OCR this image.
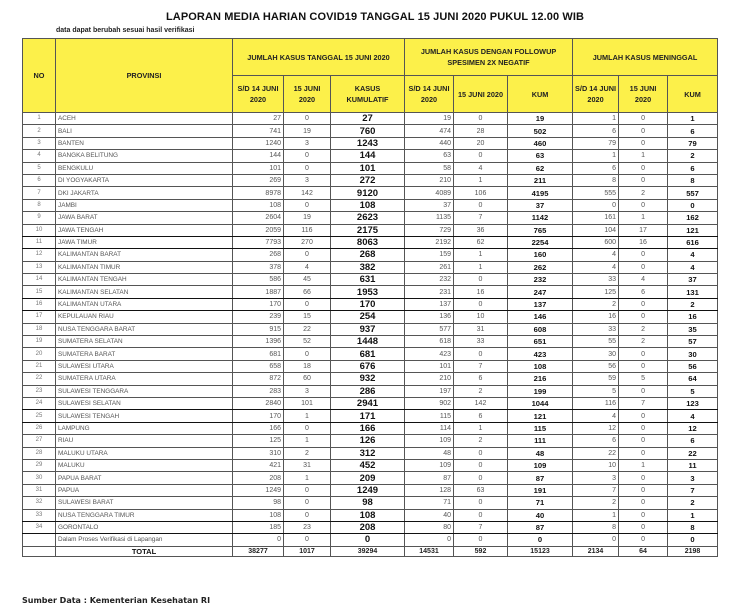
LAPORAN MEDIA HARIAN COVID19 TANGGAL 15 JUNI 2020 PUKUL 12.00 WIB
data dapat berubah sesuai hasil verifikasi
NO	PROVINSI	JUMLAH KASUS TANGGAL 15 JUNI 2020			JUMLAH KASUS DENGAN FOLLOWUP SPESIMEN 2X NEGATIF			JUMLAH KASUS MENINGGAL		
		S/D 14 JUNI 2020	15 JUNI 2020	KASUS KUMULATIF	S/D 14 JUNI 2020	15 JUNI 2020	KUM	S/D 14 JUNI 2020	15 JUNI 2020	KUM
1	ACEH	27	0	27	19	0	19	1	0	1
2	BALI	741	19	760	474	28	502	6	0	6
3	BANTEN	1240	3	1243	440	20	460	79	0	79
4	BANGKA BELITUNG	144	0	144	63	0	63	1	1	2
5	BENGKULU	101	0	101	58	4	62	6	0	6
6	DI YOGYAKARTA	269	3	272	210	1	211	8	0	8
7	DKI JAKARTA	8978	142	9120	4089	106	4195	555	2	557
8	JAMBI	108	0	108	37	0	37	0	0	0
9	JAWA BARAT	2604	19	2623	1135	7	1142	161	1	162
10	JAWA TENGAH	2059	116	2175	729	36	765	104	17	121
11	JAWA TIMUR	7793	270	8063	2192	62	2254	600	16	616
12	KALIMANTAN BARAT	268	0	268	159	1	160	4	0	4
13	KALIMANTAN TIMUR	378	4	382	261	1	262	4	0	4
14	KALIMANTAN TENGAH	586	45	631	232	0	232	33	4	37
15	KALIMANTAN SELATAN	1887	66	1953	231	16	247	125	6	131
16	KALIMANTAN UTARA	170	0	170	137	0	137	2	0	2
17	KEPULAUAN RIAU	239	15	254	136	10	146	16	0	16
18	NUSA TENGGARA BARAT	915	22	937	577	31	608	33	2	35
19	SUMATERA SELATAN	1396	52	1448	618	33	651	55	2	57
20	SUMATERA BARAT	681	0	681	423	0	423	30	0	30
21	SULAWESI UTARA	658	18	676	101	7	108	56	0	56
22	SUMATERA UTARA	872	60	932	210	6	216	59	5	64
23	SULAWESI TENGGARA	283	3	286	197	2	199	5	0	5
24	SULAWESI SELATAN	2840	101	2941	902	142	1044	116	7	123
25	SULAWESI TENGAH	170	1	171	115	6	121	4	0	4
26	LAMPUNG	166	0	166	114	1	115	12	0	12
27	RIAU	125	1	126	109	2	111	6	0	6
28	MALUKU UTARA	310	2	312	48	0	48	22	0	22
29	MALUKU	421	31	452	109	0	109	10	1	11
30	PAPUA BARAT	208	1	209	87	0	87	3	0	3
31	PAPUA	1249	0	1249	128	63	191	7	0	7
32	SULAWESI BARAT	98	0	98	71	0	71	2	0	2
33	NUSA TENGGARA TIMUR	108	0	108	40	0	40	1	0	1
34	GORONTALO	185	23	208	80	7	87	8	0	8
	Dalam Proses Verifikasi di Lapangan	0	0	0	0	0	0	0	0	0
	TOTAL	38277	1017	39294	14531	592	15123	2134	64	2198
Sumber Data : Kementerian Kesehatan RI
